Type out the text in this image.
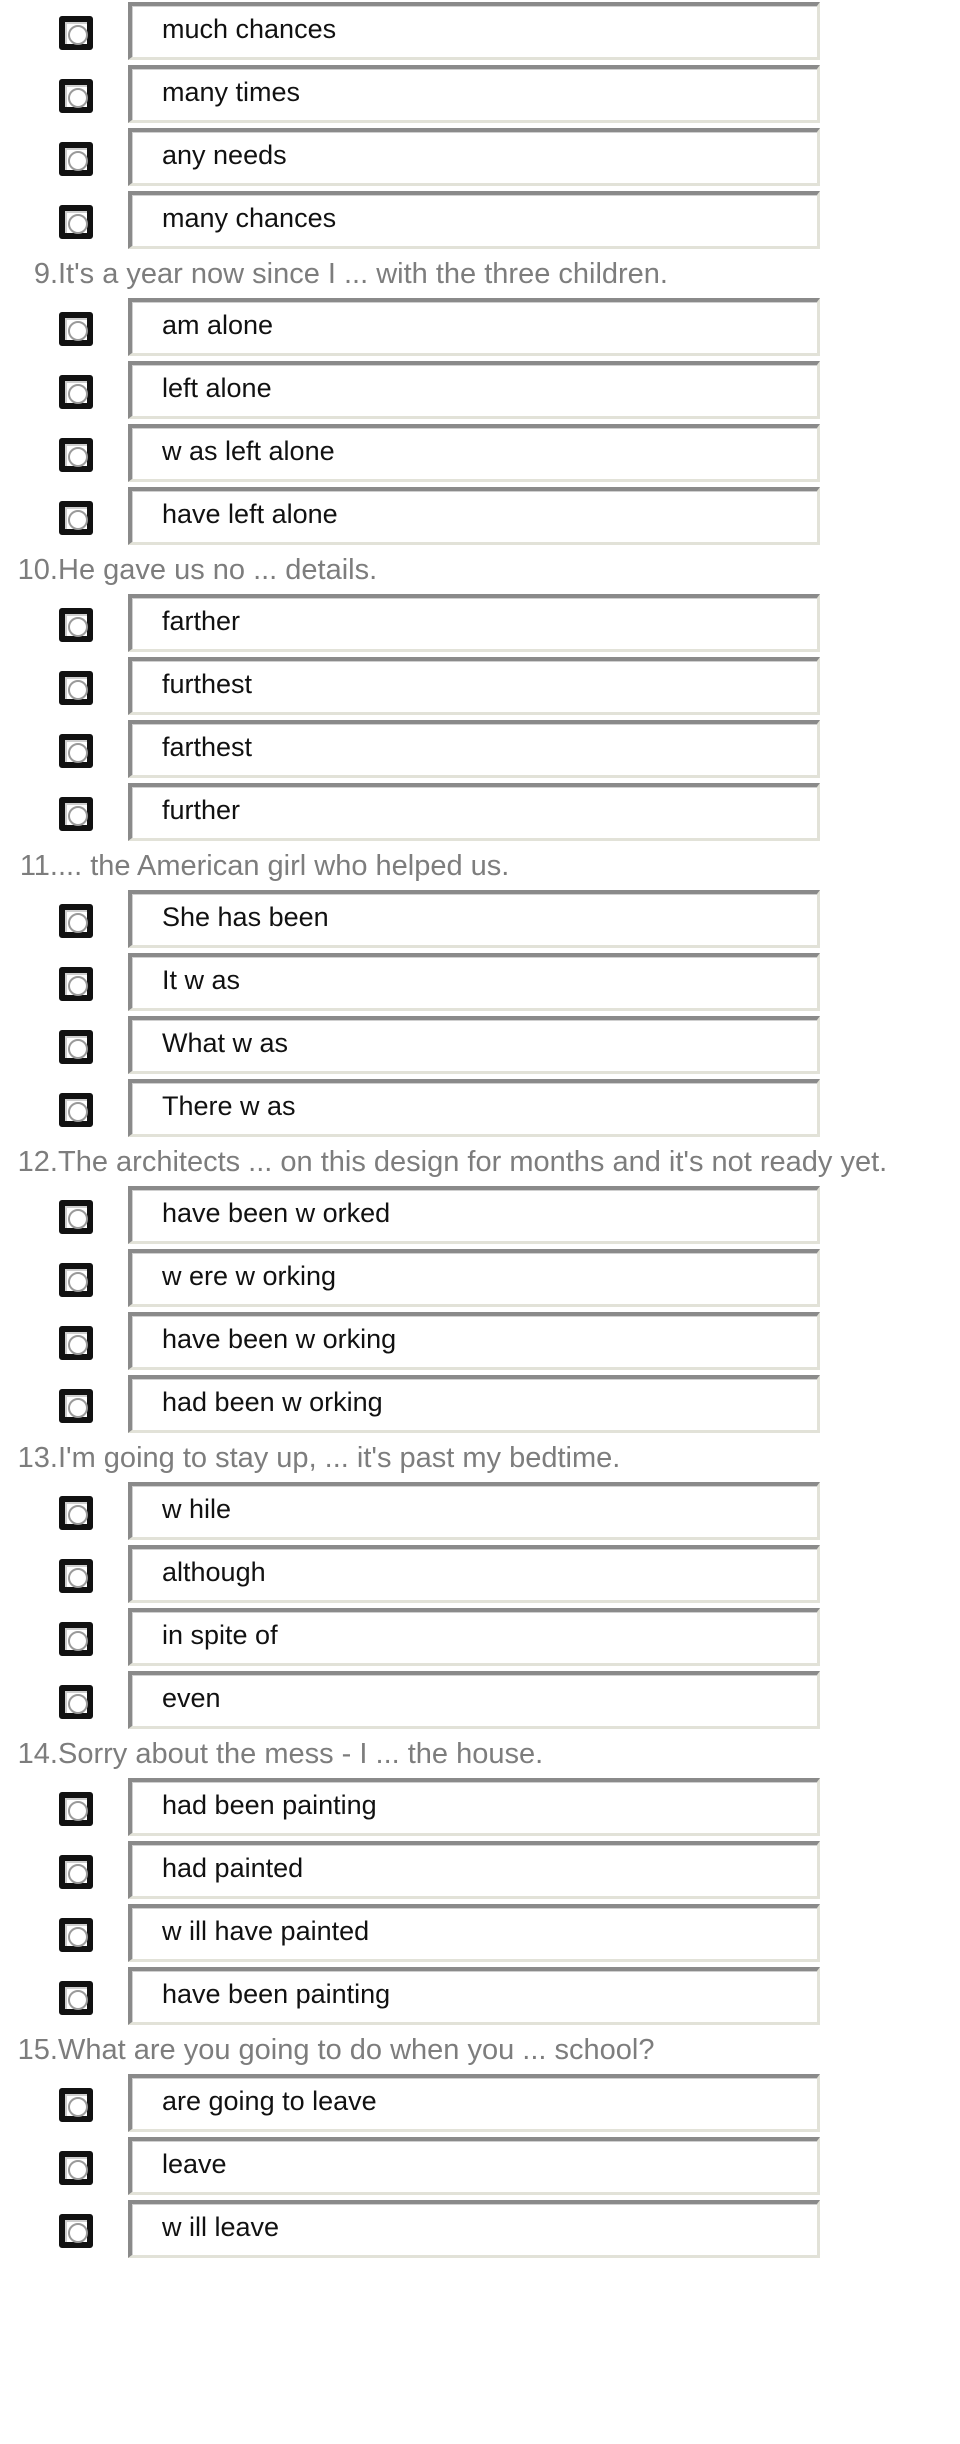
much chances
many times
any needs
many chances
9. It's a year now since I ... with the three children.
am alone
left alone
w as left alone
have left alone
10. He gave us no ... details.
farther
furthest
farthest
further
11. ... the American girl who helped us.
She has been
It w as
What w as
There w as
12. The architects ... on this design for months and it's not ready yet.
have been w orked
w ere w orking
have been w orking
had been w orking
13. I'm going to stay up, ... it's past my bedtime.
w hile
although
in spite of
even
14. Sorry about the mess - I ... the house.
had been painting
had painted
w ill have painted
have been painting
15. What are you going to do when you ... school?
are going to leave
leave
w ill leave
